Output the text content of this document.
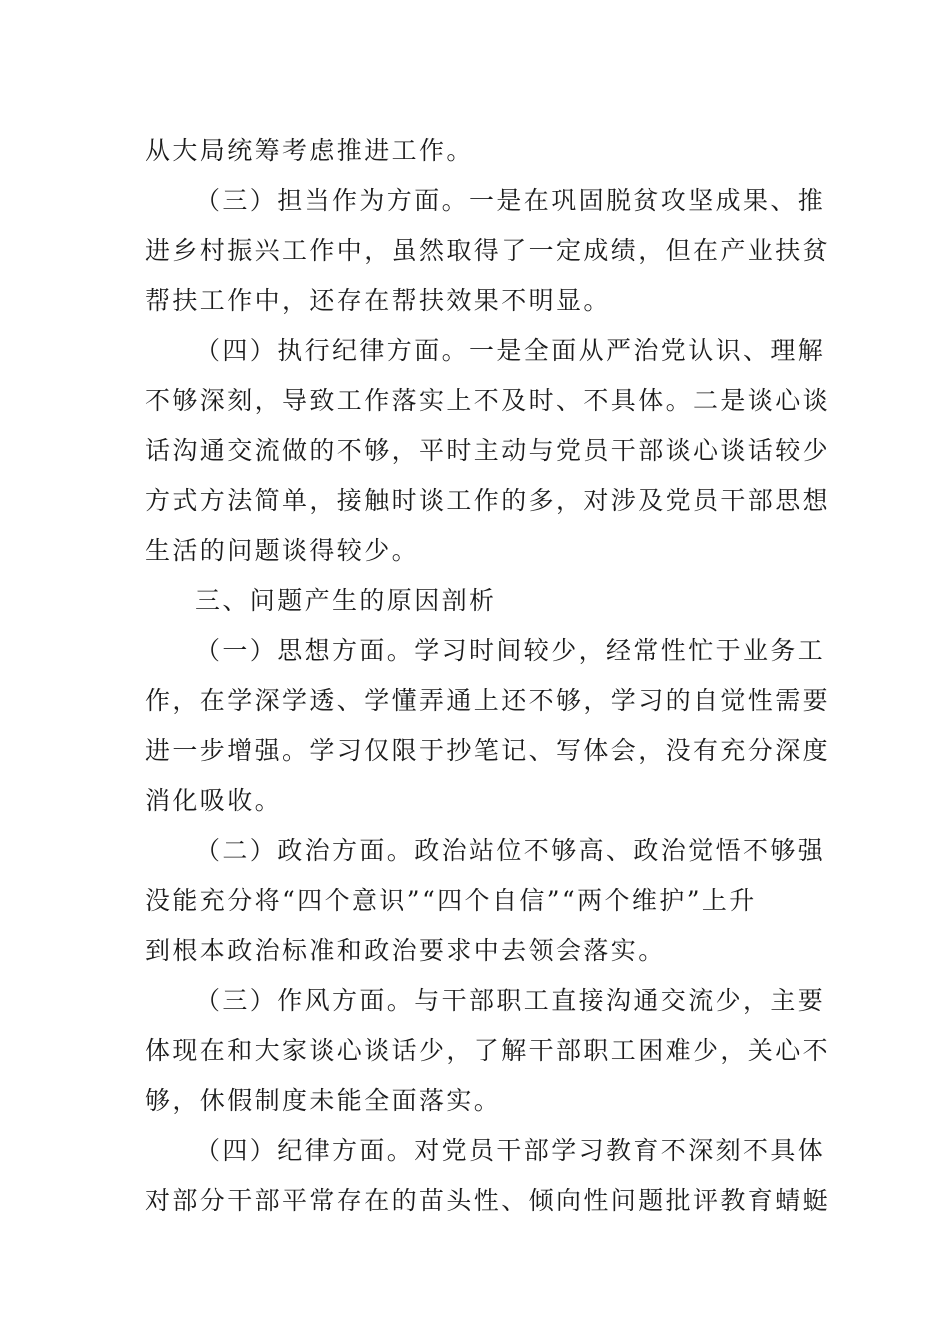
从大局统筹考虑推进工作。
（三）担当作为方面。一是在巩固脱贫攻坚成果、推
进乡村振兴工作中，虽然取得了一定成绩，但在产业扶贫
帮扶工作中，还存在帮扶效果不明显。
（四）执行纪律方面。一是全面从严治党认识、理解
不够深刻，导致工作落实上不及时、不具体。二是谈心谈
话沟通交流做的不够，平时主动与党员干部谈心谈话较少
方式方法简单，接触时谈工作的多，对涉及党员干部思想
生活的问题谈得较少。
三、问题产生的原因剖析
（一）思想方面。学习时间较少，经常性忙于业务工
作，在学深学透、学懂弄通上还不够，学习的自觉性需要
进一步增强。学习仅限于抄笔记、写体会，没有充分深度
消化吸收。
（二）政治方面。政治站位不够高、政治觉悟不够强
没能充分将“四个意识”“四个自信”“两个维护”上升
到根本政治标准和政治要求中去领会落实。
（三）作风方面。与干部职工直接沟通交流少，主要
体现在和大家谈心谈话少，了解干部职工困难少，关心不
够，休假制度未能全面落实。
（四）纪律方面。对党员干部学习教育不深刻不具体
对部分干部平常存在的苗头性、倾向性问题批评教育蜻蜓
